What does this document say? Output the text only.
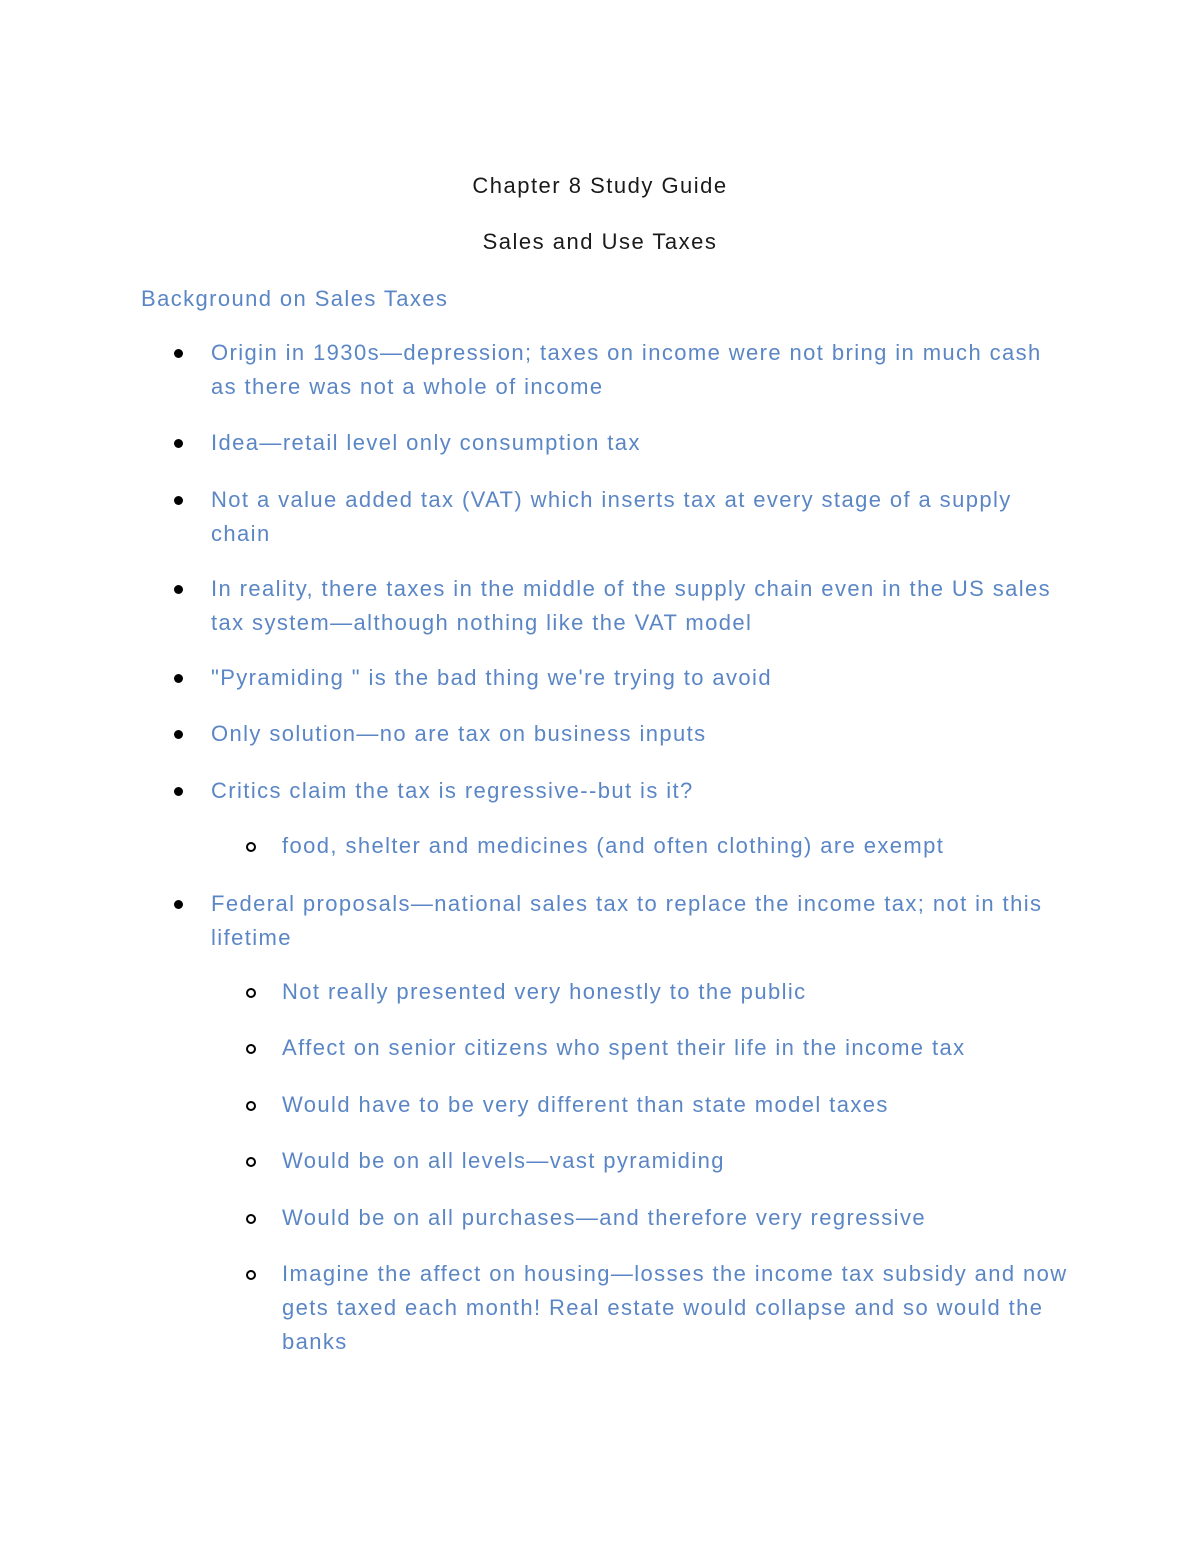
Chapter 8 Study Guide
Sales and Use Taxes
Background on Sales Taxes

Origin in 1930s—depression; taxes on income were not bring in much cash as there was not a whole of income

Idea—retail level only consumption tax

Not a value added tax (VAT) which inserts tax at every stage of a supply chain

In reality, there taxes in the middle of the supply chain even in the US sales tax system—although nothing like the VAT model

"Pyramiding " is the bad thing we're trying to avoid

Only solution—no are tax on business inputs

Critics claim the tax is regressive--but is it?

food, shelter and medicines (and often clothing) are exempt

Federal proposals—national sales tax to replace the income tax; not in this lifetime

Not really presented very honestly to the public

Affect on senior citizens who spent their life in the income tax

Would have to be very different than state model taxes

Would be on all levels—vast pyramiding

Would be on all purchases—and therefore very regressive

Imagine the affect on housing—losses the income tax subsidy and now gets taxed each month! Real estate would collapse and so would the banks
